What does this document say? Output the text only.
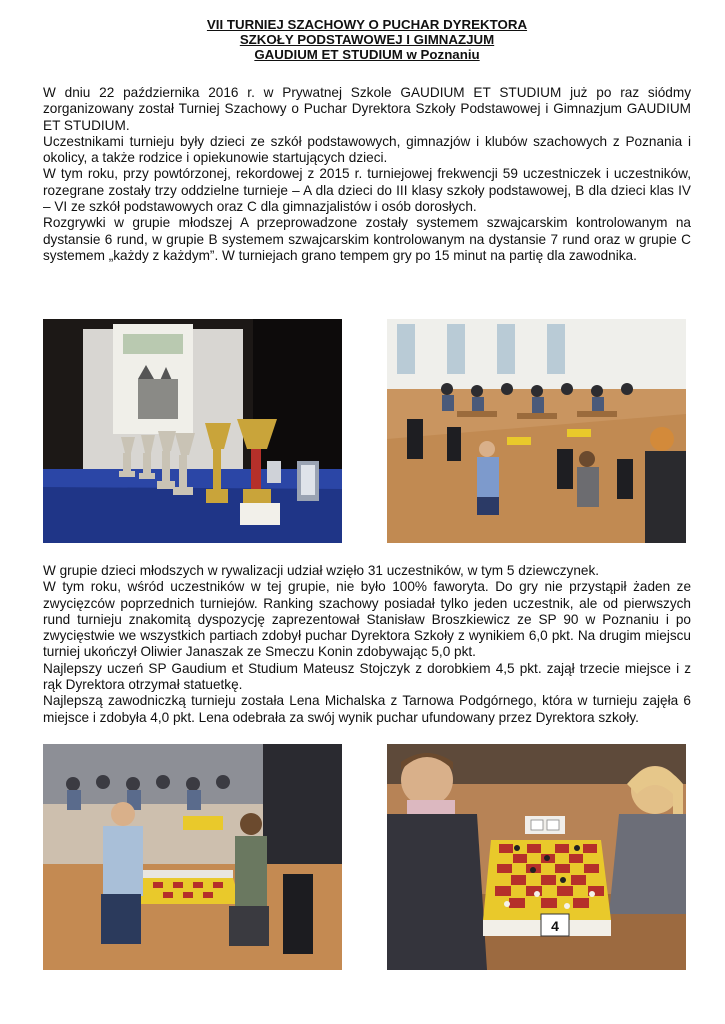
VII TURNIEJ SZACHOWY O PUCHAR DYREKTORA
SZKOŁY PODSTAWOWEJ I GIMNAZJUM
GAUDIUM ET STUDIUM w Poznaniu

W dniu 22 października 2016 r. w Prywatnej Szkole GAUDIUM ET STUDIUM już po raz siódmy zorganizowany został Turniej Szachowy o Puchar Dyrektora Szkoły Podstawowej i Gimnazjum GAUDIUM ET STUDIUM.
Uczestnikami turnieju były dzieci ze szkół podstawowych, gimnazjów i klubów szachowych z Poznania i okolicy, a także rodzice i opiekunowie startujących dzieci.
W tym roku, przy powtórzonej, rekordowej z 2015 r. turniejowej frekwencji 59 uczestniczek i uczestników, rozegrane zostały trzy oddzielne turnieje – A dla dzieci do III klasy szkoły podstawowej, B dla dzieci klas IV – VI ze szkół podstawowych oraz C dla gimnazjalistów i osób dorosłych.
Rozgrywki w grupie młodszej A przeprowadzone zostały systemem szwajcarskim kontrolowanym na dystansie 6 rund, w grupie B systemem szwajcarskim kontrolowanym na dystansie 7 rund oraz w grupie C systemem „każdy z każdym”. W turniejach grano tempem gry po 15 minut na partię dla zawodnika.

W grupie dzieci młodszych w rywalizacji udział wzięło 31 uczestników, w tym 5 dziewczynek.
W tym roku, wśród uczestników w tej grupie, nie było 100% faworyta. Do gry nie przystąpił żaden ze zwycięzców poprzednich turniejów. Ranking szachowy posiadał tylko jeden uczestnik, ale od pierwszych rund turnieju znakomitą dyspozycję zaprezentował Stanisław Broszkiewicz ze SP 90 w Poznaniu i po zwycięstwie we wszystkich partiach zdobył puchar Dyrektora Szkoły z wynikiem 6,0 pkt. Na drugim miejscu turniej ukończył Oliwier Janaszak ze Smeczu Konin zdobywając 5,0 pkt.
Najlepszy uczeń SP Gaudium et Studium Mateusz Stojczyk z dorobkiem 4,5 pkt. zajął trzecie miejsce i z rąk Dyrektora otrzymał statuetkę.
Najlepszą zawodniczką turnieju została Lena Michalska z Tarnowa Podgórnego, która w turnieju zajęła 6 miejsce i zdobyła 4,0 pkt. Lena odebrała za swój wynik puchar ufundowany przez Dyrektora szkoły.

4
